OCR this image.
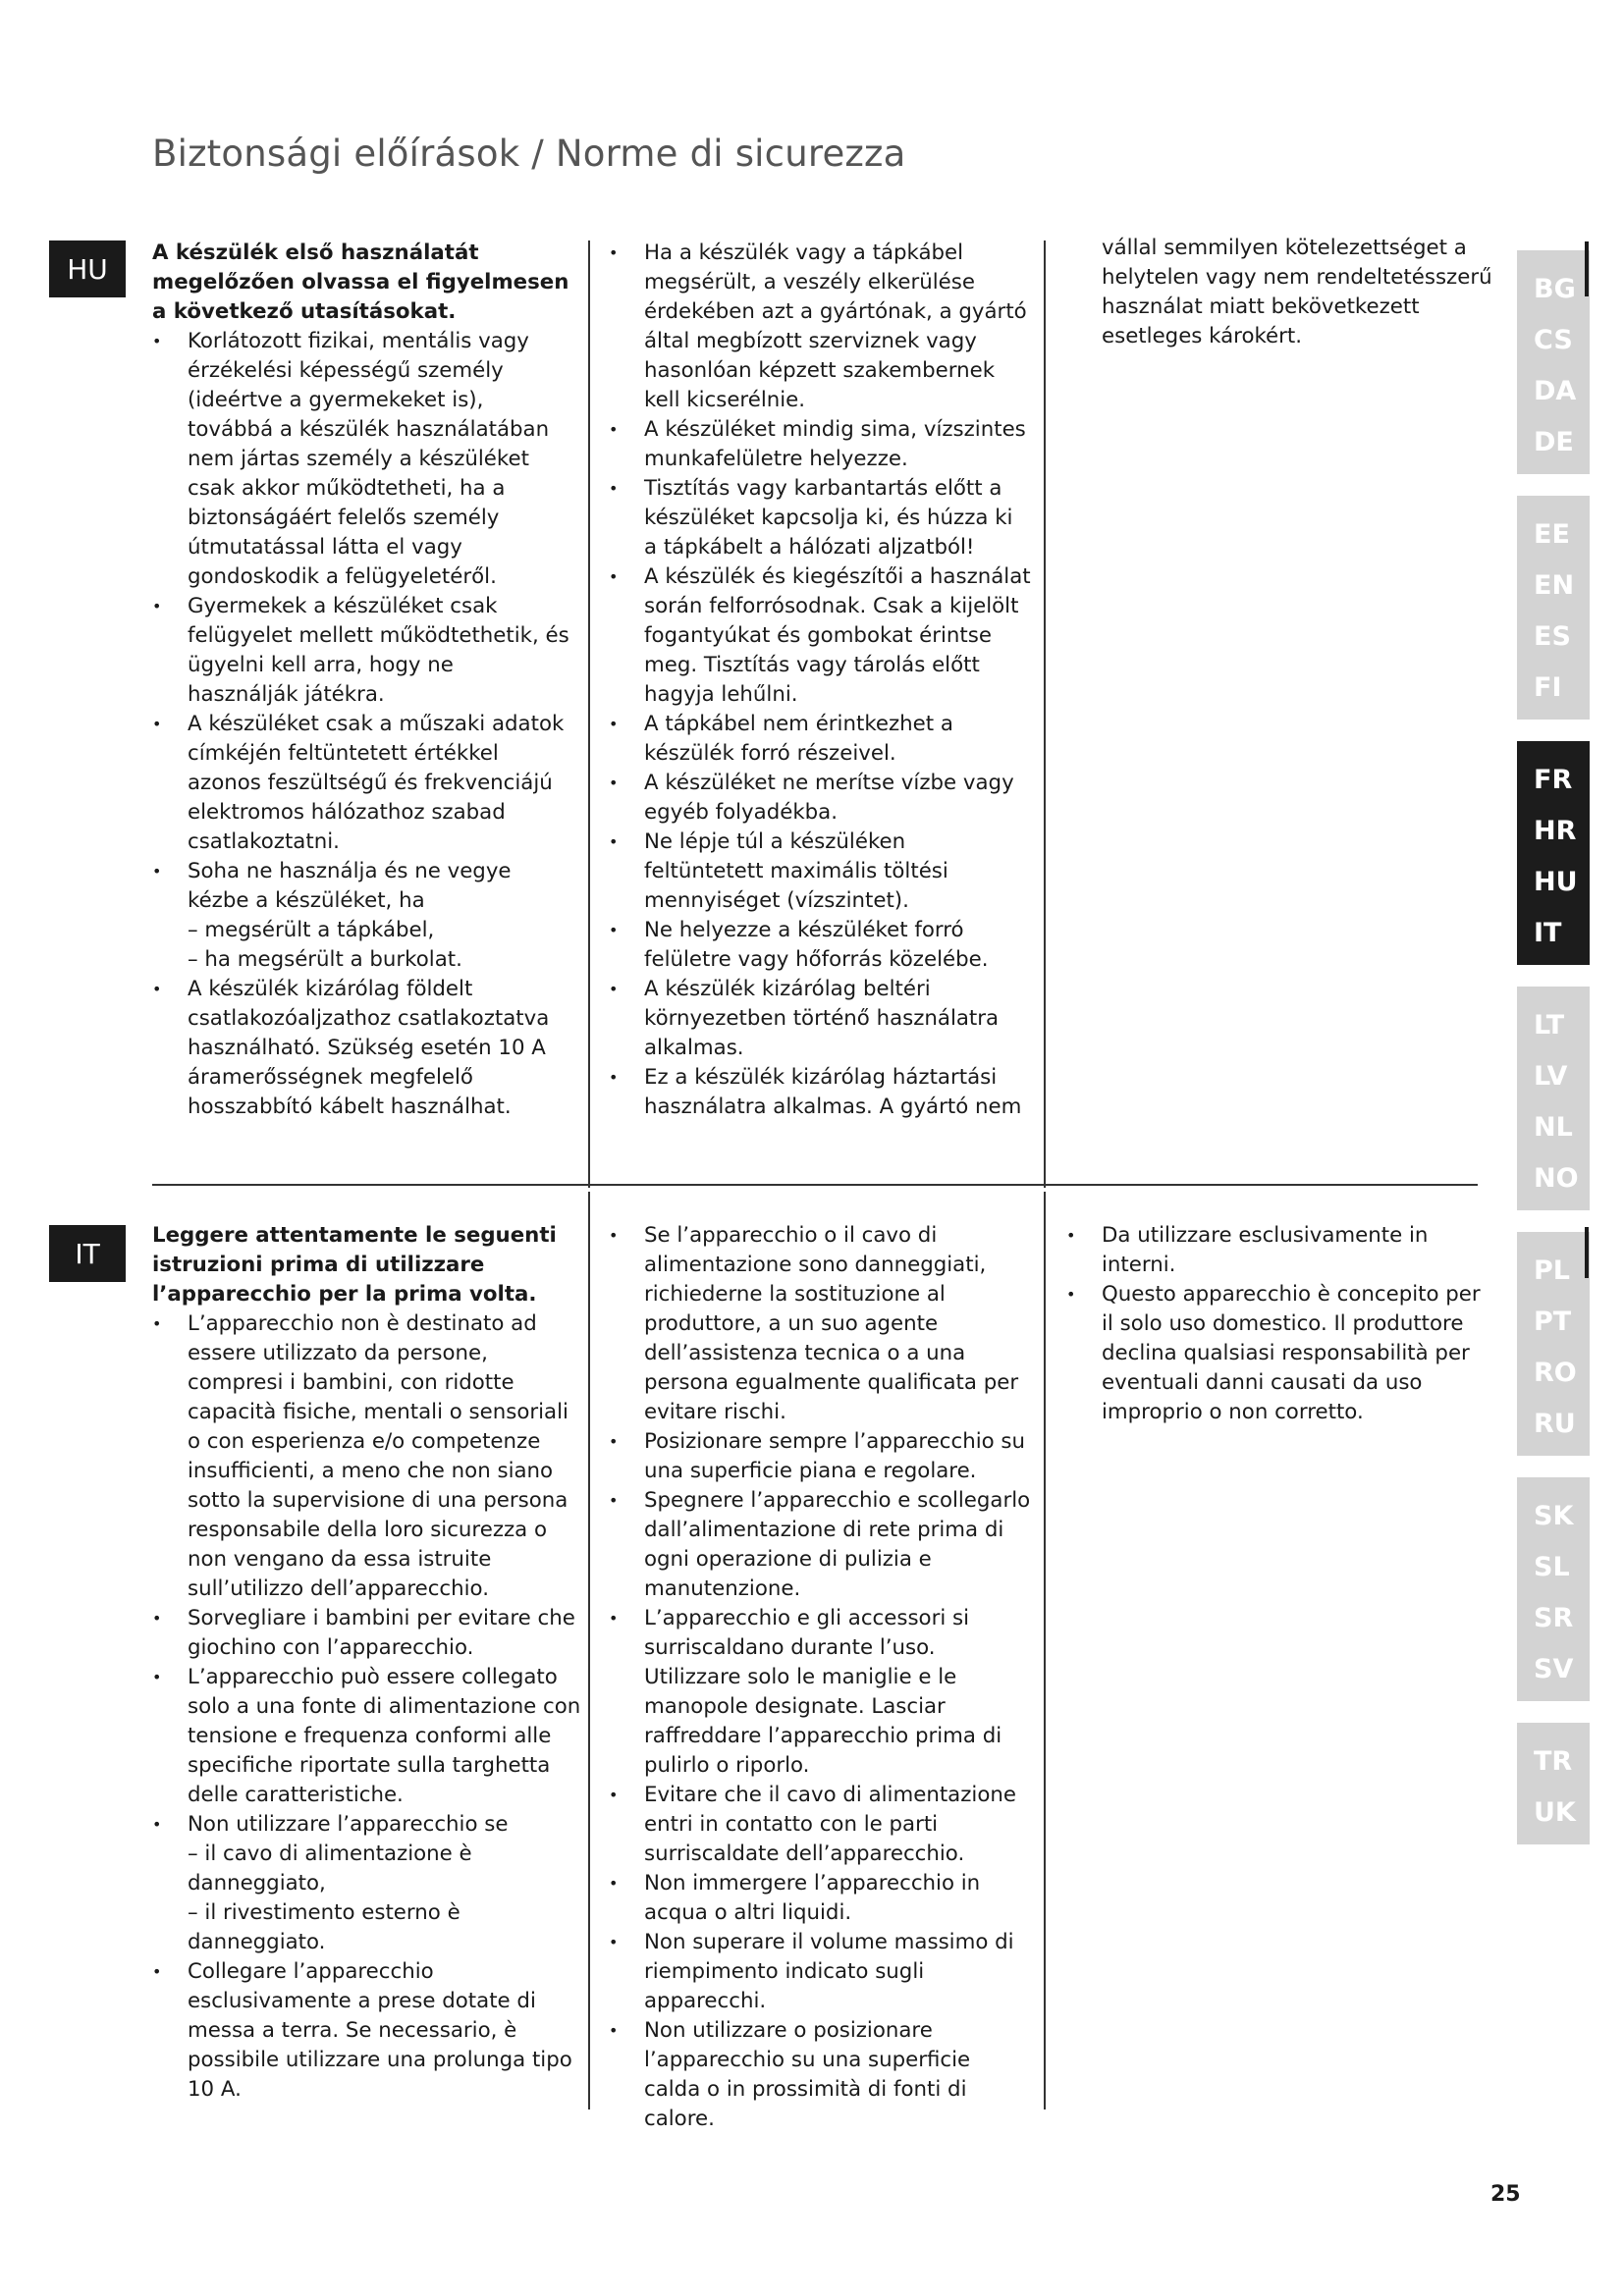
Biztonsági előírások / Norme di sicurezza
HU	A készülék első használatát megelőzően olvassa el figyelmesen a következő utasításokat.

• Korlátozott fizikai, mentális vagy érzékelési képességű személy (ideértve a gyermekeket is), továbbá a készülék használatában nem jártas személy a készüléket csak akkor működtetheti, ha a biztonságáért felelős személy útmutatással látta el vagy gondoskodik a felügyeletéről.
• Gyermekek a készüléket csak felügyelet mellett működtethetik, és ügyelni kell arra, hogy ne használják játékra.
• A készüléket csak a műszaki adatok címkéjén feltüntetett értékkel azonos feszültségű és frekvenciájú elektromos hálózathoz szabad csatlakoztatni.
• Soha ne használja és ne vegye kézbe a készüléket, ha
– megsérült a tápkábel,
– ha megsérült a burkolat.
• A készülék kizárólag földelt csatlakozóaljzathoz csatlakoztatva használható. Szükség esetén 10 A áramerősségnek megfelelő hosszabbító kábelt használhat.
• Ha a készülék vagy a tápkábel megsérült, a veszély elkerülése érdekében azt a gyártónak, a gyártó által megbízott szerviznek vagy hasonlóan képzett szakembernek kell kicserélnie.
• A készüléket mindig sima, vízszintes munkafelületre helyezze.
• Tisztítás vagy karbantartás előtt a készüléket kapcsolja ki, és húzza ki a tápkábelt a hálózati aljzatból!
• A készülék és kiegészítői a használat során felforrósodnak. Csak a kijelölt fogantyúkat és gombokat érintse meg. Tisztítás vagy tárolás előtt hagyja lehűlni.
• A tápkábel nem érintkezhet a készülék forró részeivel.
• A készüléket ne merítse vízbe vagy egyéb folyadékba.
• Ne lépje túl a készüléken feltüntetett maximális töltési mennyiséget (vízszintet).
• Ne helyezze a készüléket forró felületre vagy hőforrás közelébe.
• A készülék kizárólag beltéri környezetben történő használatra alkalmas.
• Ez a készülék kizárólag háztartási használatra alkalmas. A gyártó nem

vállal semmilyen kötelezettséget a helytelen vagy nem rendeltetésszerű használat miatt bekövetkezett esetleges károkért.

IT

Leggere attentamente le seguenti istruzioni prima di utilizzare l’apparecchio per la prima volta.

• L’apparecchio non è destinato ad essere utilizzato da persone, compresi i bambini, con ridotte capacità fisiche, mentali o sensoriali o con esperienza e/o competenze insufficienti, a meno che non siano sotto la supervisione di una persona responsabile della loro sicurezza o non vengano da essa istruite sull’utilizzo dell’apparecchio.
• Sorvegliare i bambini per evitare che giochino con l’apparecchio.
• L’apparecchio può essere collegato solo a una fonte di alimentazione con tensione e frequenza conformi alle specifiche riportate sulla targhetta delle caratteristiche.
• Non utilizzare l’apparecchio se
– il cavo di alimentazione è danneggiato,
– il rivestimento esterno è danneggiato.
• Collegare l’apparecchio esclusivamente a prese dotate di messa a terra. Se necessario, è possibile utilizzare una prolunga tipo 10 A.
• Se l’apparecchio o il cavo di alimentazione sono danneggiati, richiederne la sostituzione al produttore, a un suo agente dell’assistenza tecnica o a una persona egualmente qualificata per evitare rischi.
• Posizionare sempre l’apparecchio su una superficie piana e regolare.
• Spegnere l’apparecchio e scollegarlo dall’alimentazione di rete prima di ogni operazione di pulizia e manutenzione.
• L’apparecchio e gli accessori si surriscaldano durante l’uso. Utilizzare solo le maniglie e le manopole designate. Lasciar raffreddare l’apparecchio prima di pulirlo o riporlo.
• Evitare che il cavo di alimentazione entri in contatto con le parti surriscaldate dell’apparecchio.
• Non immergere l’apparecchio in acqua o altri liquidi.
• Non superare il volume massimo di riempimento indicato sugli apparecchi.
• Non utilizzare o posizionare l’apparecchio su una superficie calda o in prossimità di fonti di calore.
• Da utilizzare esclusivamente in interni.
• Questo apparecchio è concepito per il solo uso domestico. Il produttore declina qualsiasi responsabilità per eventuali danni causati da uso improprio o non corretto.
BG
CS
DA
DE
EE
EN
ES
FI
FR
HR
HU
IT
LT
LV
NL
NO
PL
PT
RO
RU
SK
SL
SR
SV
TR
UK
25
